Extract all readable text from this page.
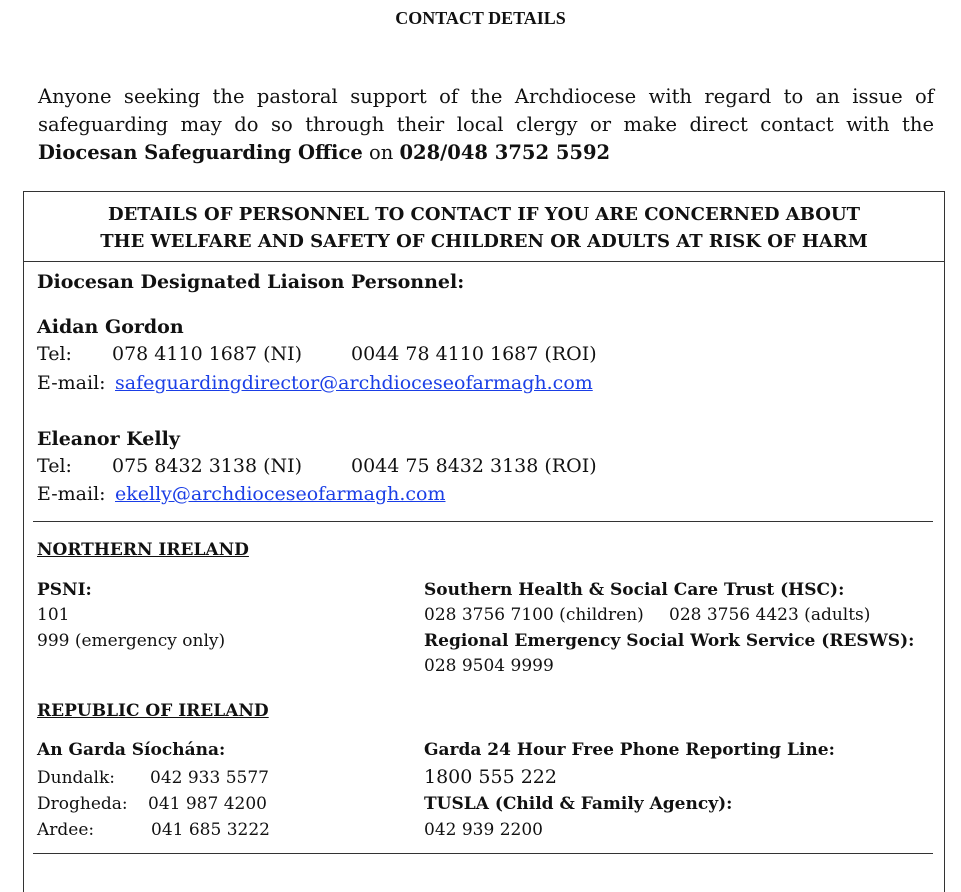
CONTACT DETAILS
Anyone seeking the pastoral support of the Archdiocese with regard to an issue of safeguarding may do so through their local clergy or make direct contact with the Diocesan Safeguarding Office on 028/048 3752 5592
DETAILS OF PERSONNEL TO CONTACT IF YOU ARE CONCERNED ABOUT
THE WELFARE AND SAFETY OF CHILDREN OR ADULTS AT RISK OF HARM
Diocesan Designated Liaison Personnel:
Aidan Gordon
Tel: 078 4110 1687 (NI)	0044 78 4110 1687 (ROI)
E-mail: safeguardingdirector@archdioceseofarmagh.com
Eleanor Kelly
Tel: 075 8432 3138 (NI)	0044 75 8432 3138 (ROI)
E-mail: ekelly@archdioceseofarmagh.com
NORTHERN IRELAND
PSNI:
101
999 (emergency only)
Southern Health & Social Care Trust (HSC):
028 3756 7100 (children) 028 3756 4423 (adults)
Regional Emergency Social Work Service (RESWS):
028 9504 9999
REPUBLIC OF IRELAND
An Garda Síochána:
Dundalk: 042 933 5577
Drogheda: 041 987 4200
Ardee:	041 685 3222
Garda 24 Hour Free Phone Reporting Line:
1800 555 222
TUSLA (Child & Family Agency):
042 939 2200
